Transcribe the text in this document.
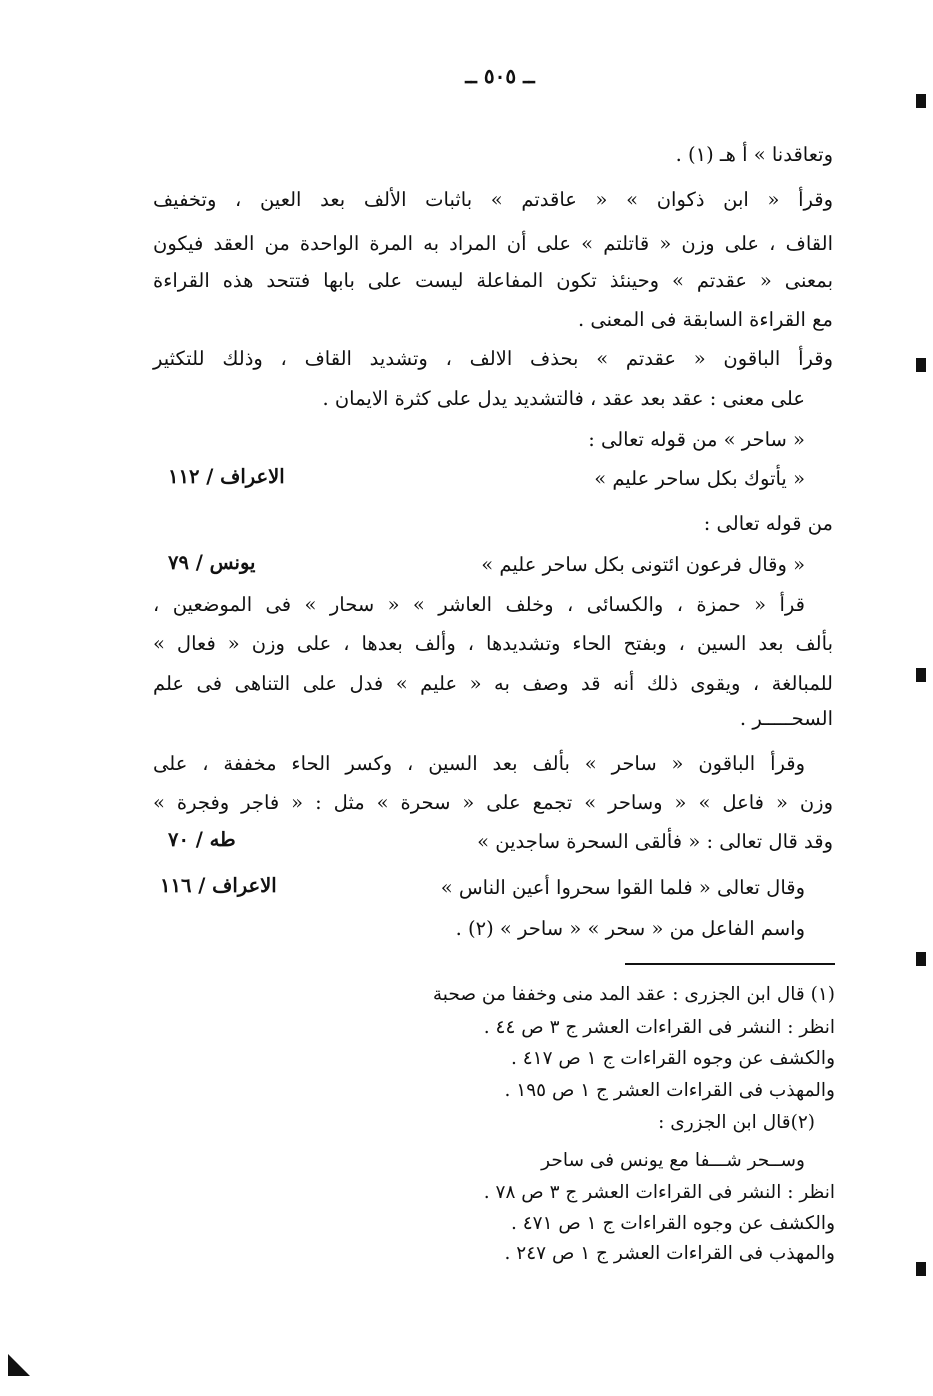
ــ ٥٠٥ ــ
وتعاقدنا » أ هـ (١) .
وقرأ « ابن ذكوان » « عاقدتم » باثبات الألف بعد العين ، وتخفيف
القاف ، على وزن « قاتلتم » على أن المراد به المرة الواحدة من العقد فيكون
بمعنى « عقدتم » وحينئذ تكون المفاعلة ليست على بابها فتتحد هذه القراءة
مع القراءة السابقة فى المعنى .
وقرأ الباقون « عقدتم » بحذف الالف ، وتشديد القاف ، وذلك للتكثير
على معنى : عقد بعد عقد ، فالتشديد يدل على كثرة الايمان .
« ساحر » من قوله تعالى :
« يأتوك بكل ساحر عليم »
الاعراف / ١١٢
من قوله تعالى :
« وقال فرعون ائتونى بكل ساحر عليم »
يونس / ٧٩
قرأ « حمزة ، والكسائى ، وخلف العاشر » « سحار » فى الموضعين ،
بألف بعد السين ، وبفتح الحاء وتشديدها ، وألف بعدها ، على وزن « فعال »
للمبالغة ، ويقوى ذلك أنه قد وصف به « عليم » فدل على التناهى فى علم
السحـــــر .
وقرأ الباقون « ساحر » بألف بعد السين ، وكسر الحاء مخففة ، على
وزن « فاعل » « وساحر » تجمع على « سحرة » مثل : « فاجر وفجرة »
وقد قال تعالى : « فألقى السحرة ساجدين »
طه / ٧٠
وقال تعالى « فلما القوا سحروا أعين الناس »
الاعراف / ١١٦
واسم الفاعل من « سحر » « ساحر » (٢) .
(١) قال ابن الجزرى : عقد المد منى وخففا من صحبة
انظر : النشر فى القراءات العشر ج ٣ ص ٤٤ .
والكشف عن وجوه القراءات ج ١ ص ٤١٧ .
والمهذب فى القراءات العشر ج ١ ص ١٩٥ .
(٢)قال ابن الجزرى :
وســحر شـــفا مع يونس فى ساحر
انظر : النشر فى القراءات العشر ج ٣ ص ٧٨ .
والكشف عن وجوه القراءات ج ١ ص ٤٧١ .
والمهذب فى القراءات العشر ج ١ ص ٢٤٧ .
